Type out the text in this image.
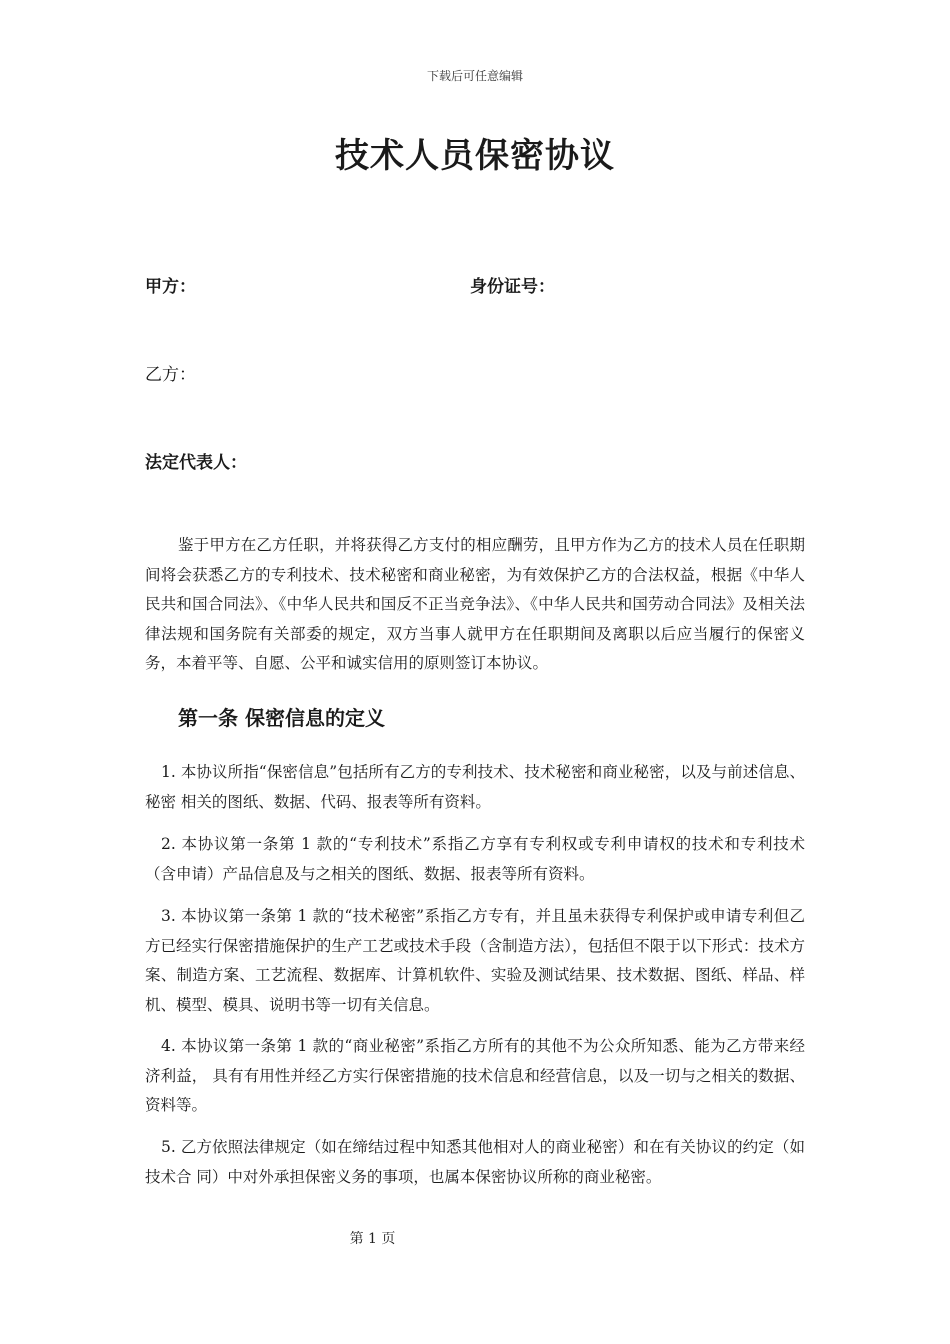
下载后可任意编辑
技术人员保密协议
甲方：	身份证号：
乙方：
法定代表人：
鉴于甲方在乙方任职，并将获得乙方支付的相应酬劳，且甲方作为乙方的技术人员在任职期间将会获悉乙方的专利技术、技术秘密和商业秘密，为有效保护乙方的合法权益，根据《中华人民共和国合同法》、《中华人民共和国反不正当竞争法》、《中华人民共和国劳动合同法》及相关法律法规和国务院有关部委的规定，双方当事人就甲方在任职期间及离职以后应当履行的保密义务，本着平等、自愿、公平和诚实信用的原则签订本协议。
第一条 保密信息的定义
1. 本协议所指“保密信息”包括所有乙方的专利技术、技术秘密和商业秘密，以及与前述信息、秘密 相关的图纸、数据、代码、报表等所有资料。
2. 本协议第一条第 1 款的“专利技术”系指乙方享有专利权或专利申请权的技术和专利技术（含申请）产品信息及与之相关的图纸、数据、报表等所有资料。
3. 本协议第一条第 1 款的“技术秘密”系指乙方专有，并且虽未获得专利保护或申请专利但乙方已经实行保密措施保护的生产工艺或技术手段（含制造方法），包括但不限于以下形式：技术方案、制造方案、工艺流程、数据库、计算机软件、实验及测试结果、技术数据、图纸、样品、样机、模型、模具、说明书等一切有关信息。
4. 本协议第一条第 1 款的“商业秘密”系指乙方所有的其他不为公众所知悉、能为乙方带来经济利益， 具有有用性并经乙方实行保密措施的技术信息和经营信息，以及一切与之相关的数据、资料等。
5. 乙方依照法律规定（如在缔结过程中知悉其他相对人的商业秘密）和在有关协议的约定（如技术合 同）中对外承担保密义务的事项，也属本保密协议所称的商业秘密。
第 1 页
